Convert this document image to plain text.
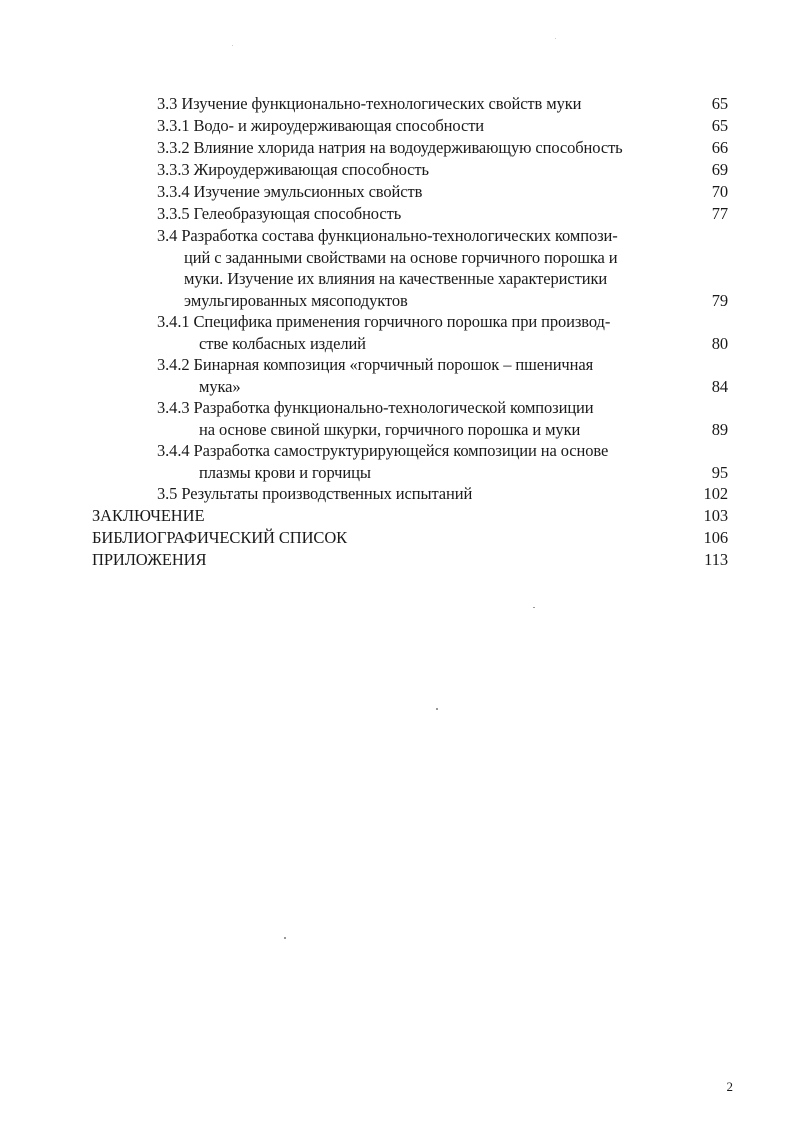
3.3 Изучение функционально-технологических свойств муки	65
3.3.1 Водо- и жироудерживающая способности	65
3.3.2 Влияние хлорида натрия на водоудерживающую способность	66
3.3.3 Жироудерживающая способность	69
3.3.4 Изучение эмульсионных свойств	70
3.3.5 Гелеобразующая способность	77
3.4 Разработка состава функционально-технологических компози-
ций с заданными свойствами на основе горчичного порошка и
муки. Изучение их влияния на качественные характеристики
эмульгированных мясоподуктов	79
3.4.1 Специфика применения горчичного порошка при производ-
стве колбасных изделий	80
3.4.2 Бинарная композиция «горчичный порошок – пшеничная
мука»	84
3.4.3 Разработка функционально-технологической композиции
на основе свиной шкурки, горчичного порошка и муки	89
3.4.4 Разработка самоструктурирующейся композиции на основе
плазмы крови и горчицы	95
3.5 Результаты производственных испытаний	102
ЗАКЛЮЧЕНИЕ	103
БИБЛИОГРАФИЧЕСКИЙ СПИСОК	106
ПРИЛОЖЕНИЯ	113
2
